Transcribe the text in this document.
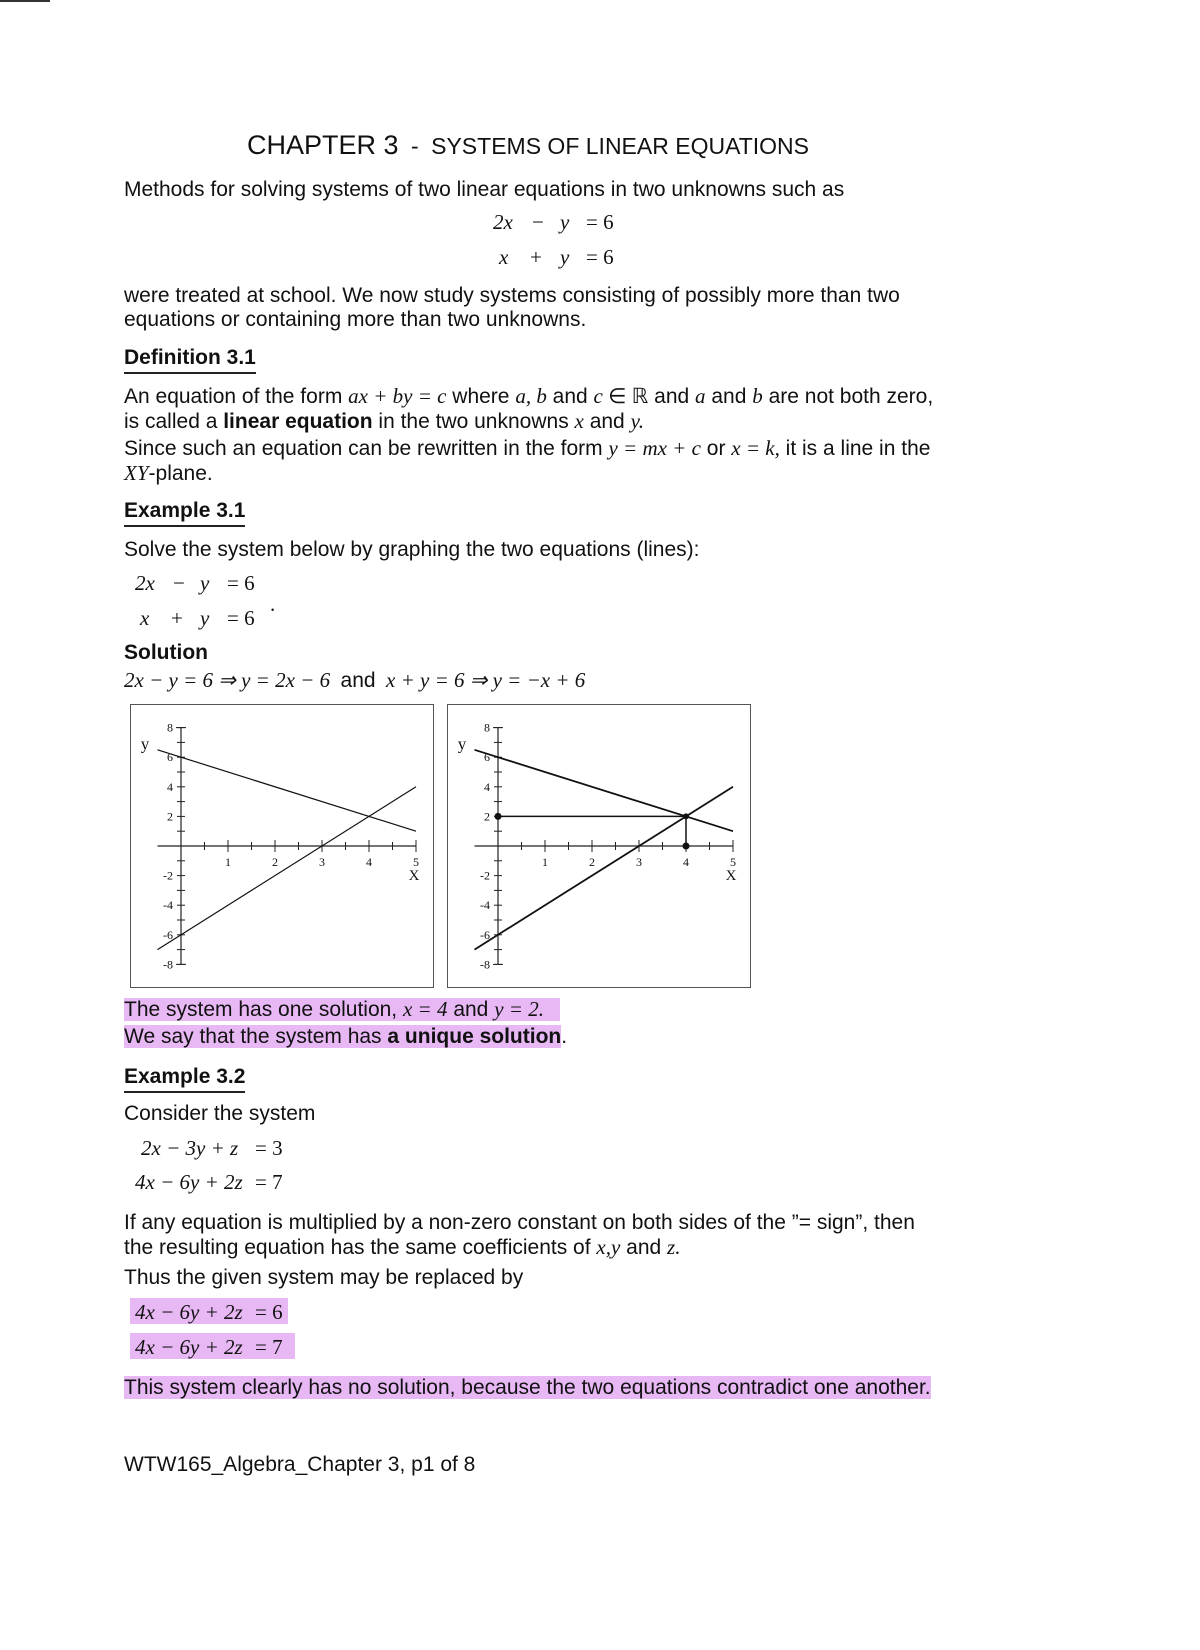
CHAPTER 3 - SYSTEMS OF LINEAR EQUATIONS
Methods for solving systems of two linear equations in two unknowns such as
2x − y = 6
x + y = 6
were treated at school. We now study systems consisting of possibly more than two
equations or containing more than two unknowns.
Definition 3.1
An equation of the form ax + by = c where a, b and c ∈ ℝ and a and b are not both zero,
is called a linear equation in the two unknowns x and y.
Since such an equation can be rewritten in the form y = mx + c or x = k, it is a line in the
XY-plane.
Example 3.1
Solve the system below by graphing the two equations (lines):
2x − y = 6
x + y = 6
.
Solution
2x − y = 6 ⇒ y = 2x − 6 and x + y = 6 ⇒ y = −x + 6
1	2	3	4	5
8
6
4
2
-2
-4
-6
-8
X
y
1	2	3	4	5
8
6
4
2
-2
-4
-6
-8
X
y
The system has one solution, x = 4 and y = 2.
We say that the system has a unique solution.
Example 3.2
Consider the system
2x − 3y + z = 3
4x − 6y + 2z = 7
If any equation is multiplied by a non-zero constant on both sides of the ”= sign”, then
the resulting equation has the same coefficients of x,y and z.
Thus the given system may be replaced by
4x − 6y + 2z = 6
4x − 6y + 2z = 7
This system clearly has no solution, because the two equations contradict one another.
WTW165_Algebra_Chapter 3, p1 of 8
